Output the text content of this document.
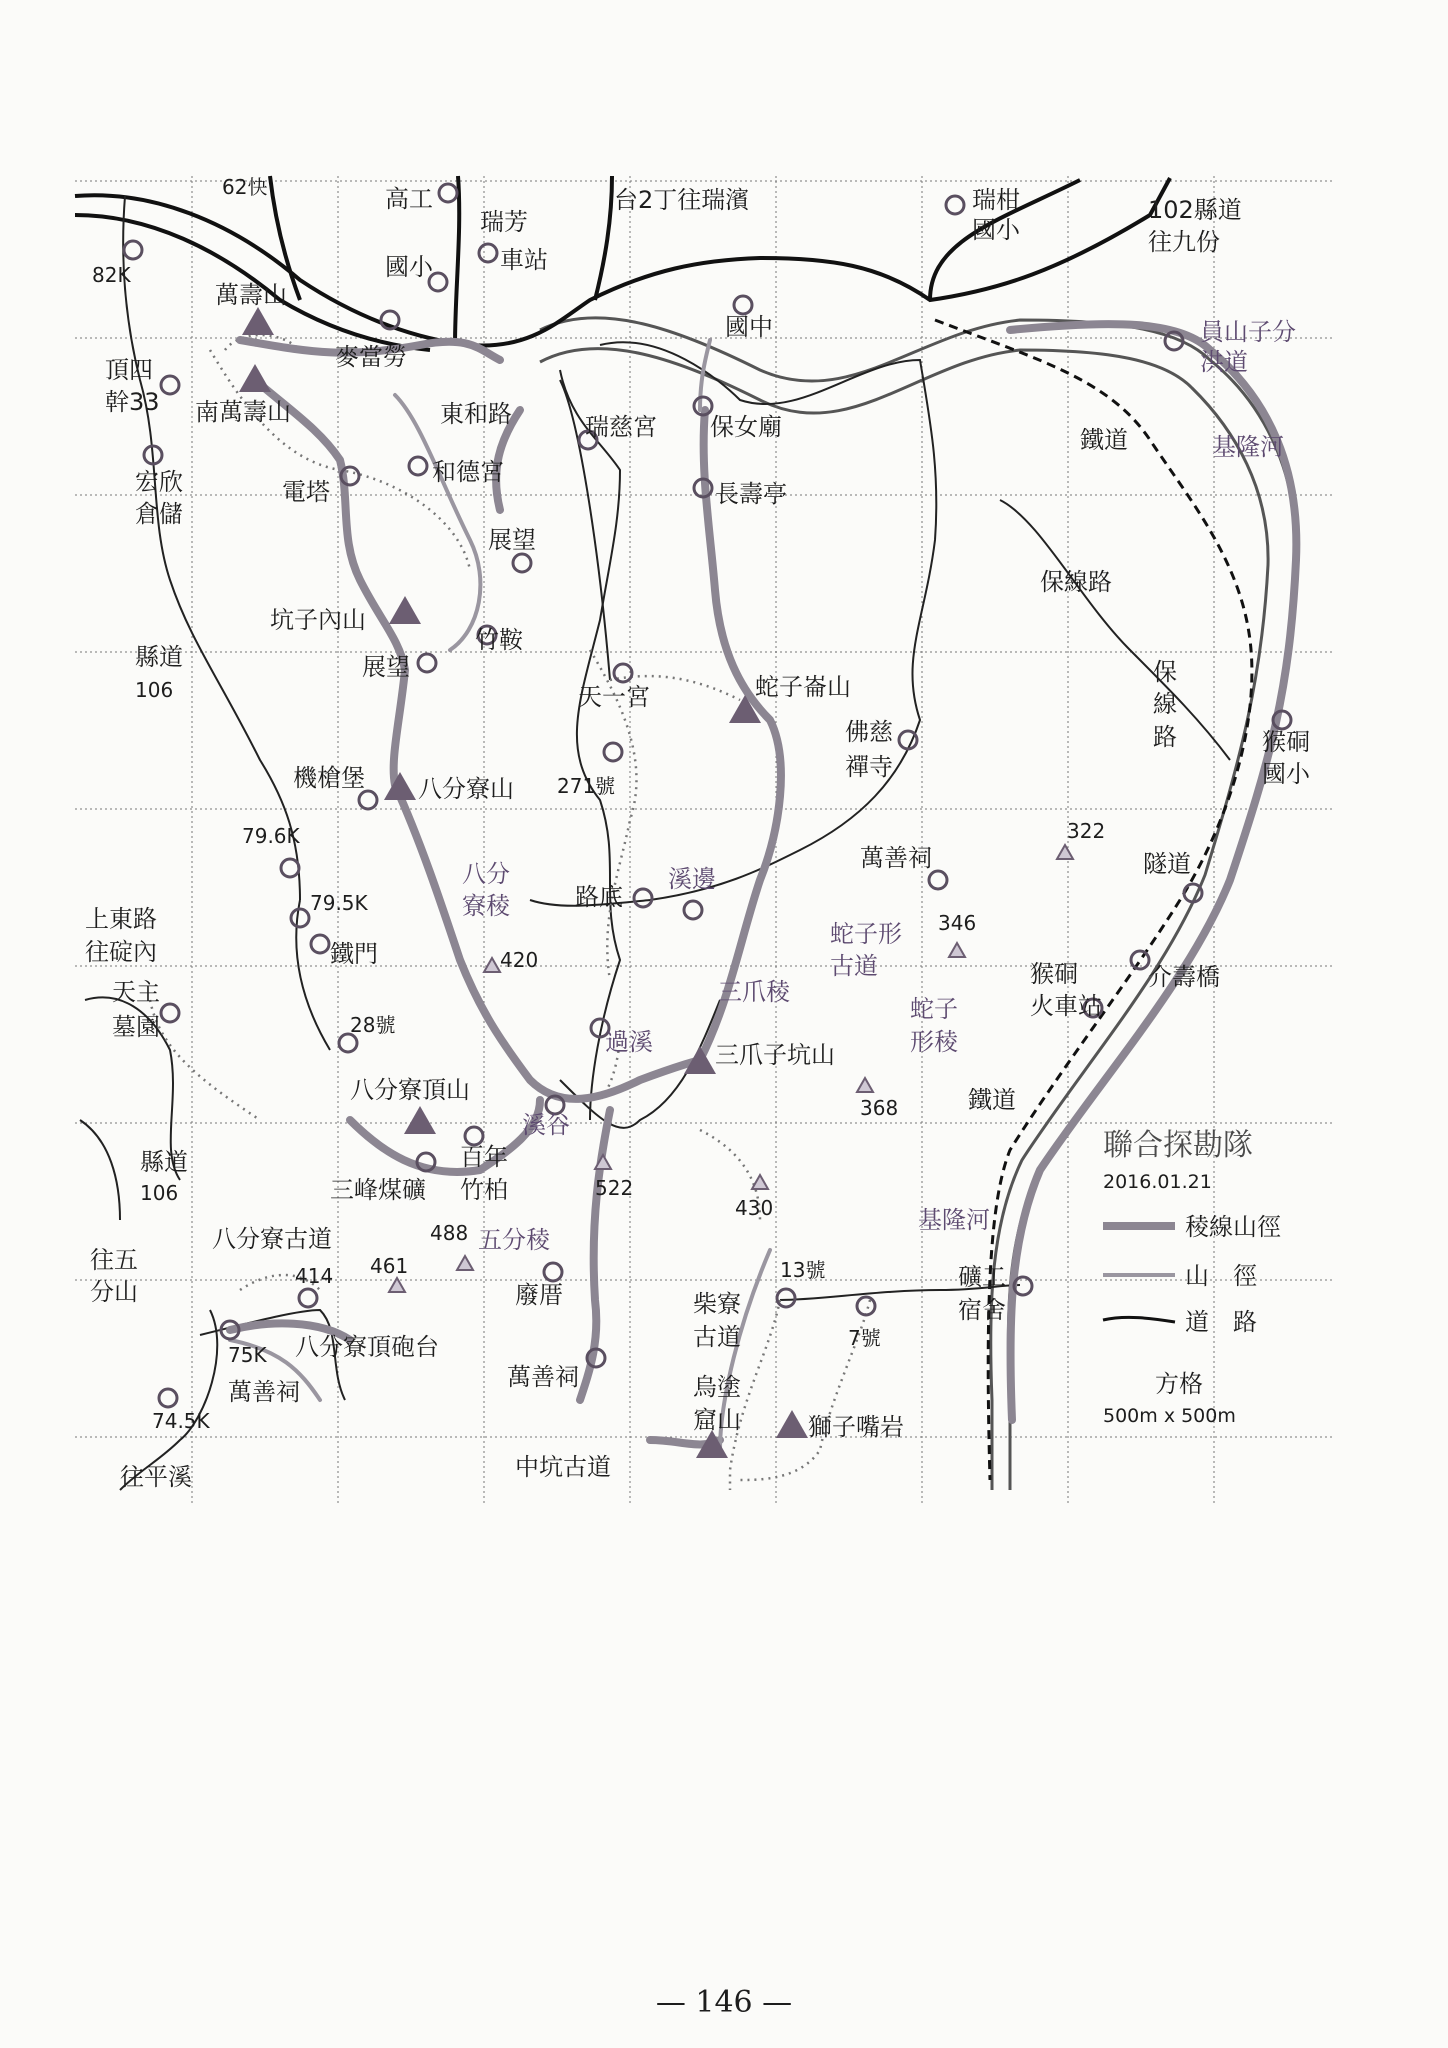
萬壽山
南萬壽山
坑子內山
八分寮山
八分寮頂山
蛇子崙山
三爪子坑山
獅子嘴岩
420
322
346
368
522
430
488
461
414
高工
瑞芳
車站
國小
麥當勞
東和路
和德宮
瑞慈宮 保女廟
長壽亭
國中
瑞柑
國小
102縣道
往九份
員山子分
洪道
鐵道	基隆河
保線路
保
線
路	猴硐
國小
隧道
介壽橋
猴硐
火車站
鐵道
萬善祠
蛇子形
古道
蛇子
形稜
三爪稜
溪邊
路底
天一宮
271號
佛慈
禪寺
八分
寮稜
過溪
溪谷
百年
竹柏
三峰煤礦
五分稜
廢厝
萬善祠
柴寮
古道
13號
7號
礦工
宿舍
基隆河
烏塗
窟山
中坑古道
電塔
展望
竹鞍
展望
機槍堡
鐵門
28號
八分寮古道
八分寮頂砲台
萬善祠
82K
頂四
幹33
宏欣
倉儲
縣道
106
79.6K
79.5K
上東路
往碇內
天主
墓園
縣道
106
往五
分山
75K
74.5K
往平溪
62快	台2丁往瑞濱
聯合探勘隊
2016.01.21
稜線山徑
山　徑
道　路
方格
500m x 500m
— 146 —
